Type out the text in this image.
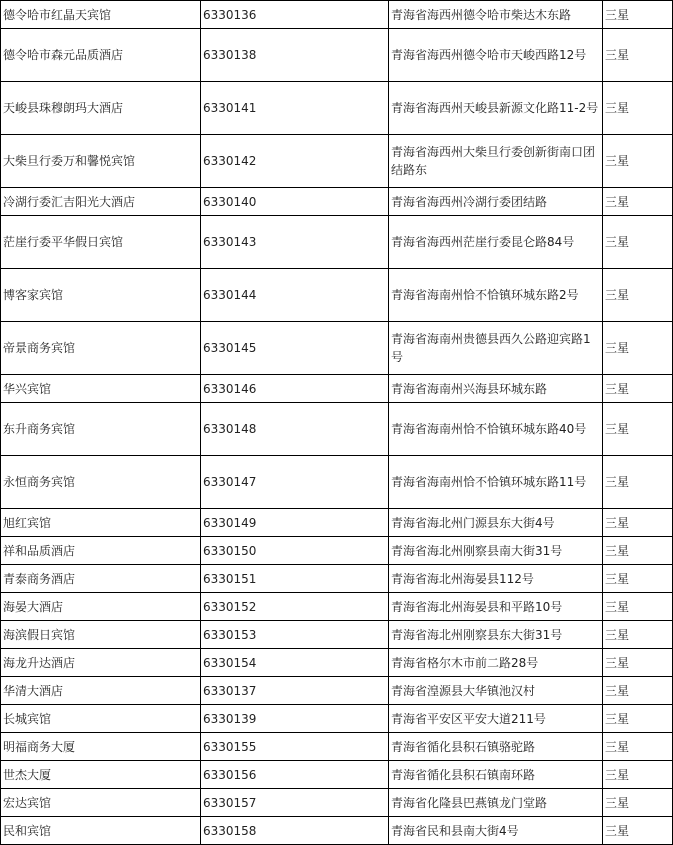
德令哈市红晶天宾馆	6330136	青海省海西州德令哈市柴达木东路	三星
德令哈市森元品质酒店	6330138	青海省海西州德令哈市天峻西路12号	三星
天峻县珠穆朗玛大酒店	6330141	青海省海西州天峻县新源文化路11-2号	三星
大柴旦行委万和馨悦宾馆	6330142	青海省海西州大柴旦行委创新街南口团结路东	三星
冷湖行委汇吉阳光大酒店	6330140	青海省海西州冷湖行委团结路	三星
茫崖行委平华假日宾馆	6330143	青海省海西州茫崖行委昆仑路84号	三星
博客家宾馆	6330144	青海省海南州恰不恰镇环城东路2号	三星
帝景商务宾馆	6330145	青海省海南州贵德县西久公路迎宾路1号	三星
华兴宾馆	6330146	青海省海南州兴海县环城东路	三星
东升商务宾馆	6330148	青海省海南州恰不恰镇环城东路40号	三星
永恒商务宾馆	6330147	青海省海南州恰不恰镇环城东路11号	三星
旭红宾馆	6330149	青海省海北州门源县东大街4号	三星
祥和品质酒店	6330150	青海省海北州刚察县南大街31号	三星
青泰商务酒店	6330151	青海省海北州海晏县112号	三星
海晏大酒店	6330152	青海省海北州海晏县和平路10号	三星
海滨假日宾馆	6330153	青海省海北州刚察县东大街31号	三星
海龙升达酒店	6330154	青海省格尔木市前二路28号	三星
华清大酒店	6330137	青海省湟源县大华镇池汉村	三星
长城宾馆	6330139	青海省平安区平安大道211号	三星
明福商务大厦	6330155	青海省循化县积石镇骆驼路	三星
世杰大厦	6330156	青海省循化县积石镇南环路	三星
宏达宾馆	6330157	青海省化隆县巴燕镇龙门堂路	三星
民和宾馆	6330158	青海省民和县南大街4号	三星
